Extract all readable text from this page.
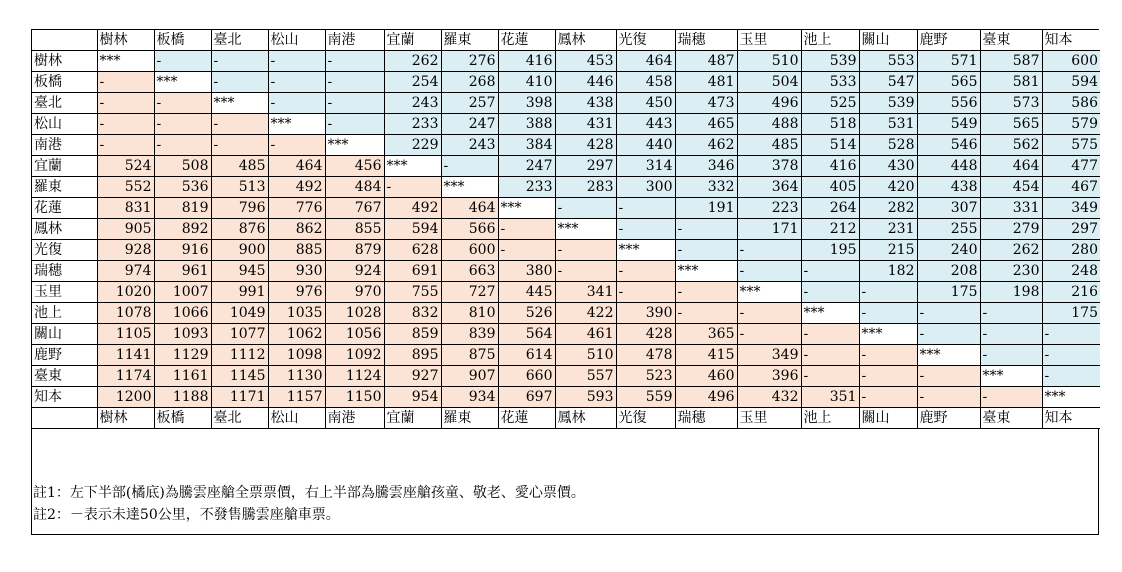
	樹林	板橋	臺北	松山	南港	宜蘭	羅東	花蓮	鳳林	光復	瑞穗	玉里	池上	關山	鹿野	臺東	知本
樹林	***	-	-	-	-	262	276	416	453	464	487	510	539	553	571	587	600
板橋	-	***	-	-	-	254	268	410	446	458	481	504	533	547	565	581	594
臺北	-	-	***	-	-	243	257	398	438	450	473	496	525	539	556	573	586
松山	-	-	-	***	-	233	247	388	431	443	465	488	518	531	549	565	579
南港	-	-	-	-	***	229	243	384	428	440	462	485	514	528	546	562	575
宜蘭	524	508	485	464	456	***	-	247	297	314	346	378	416	430	448	464	477
羅東	552	536	513	492	484	-	***	233	283	300	332	364	405	420	438	454	467
花蓮	831	819	796	776	767	492	464	***	-	-	191	223	264	282	307	331	349
鳳林	905	892	876	862	855	594	566	-	***	-	-	171	212	231	255	279	297
光復	928	916	900	885	879	628	600	-	-	***	-	-	195	215	240	262	280
瑞穗	974	961	945	930	924	691	663	380	-	-	***	-	-	182	208	230	248
玉里	1020	1007	991	976	970	755	727	445	341	-	-	***	-	-	175	198	216
池上	1078	1066	1049	1035	1028	832	810	526	422	390	-	-	***	-	-	-	175
關山	1105	1093	1077	1062	1056	859	839	564	461	428	365	-	-	***	-	-	-
鹿野	1141	1129	1112	1098	1092	895	875	614	510	478	415	349	-	-	***	-	-
臺東	1174	1161	1145	1130	1124	927	907	660	557	523	460	396	-	-	-	***	-
知本	1200	1188	1171	1157	1150	954	934	697	593	559	496	432	351	-	-	-	***
	樹林	板橋	臺北	松山	南港	宜蘭	羅東	花蓮	鳳林	光復	瑞穗	玉里	池上	關山	鹿野	臺東	知本

註1：左下半部(橘底)為騰雲座艙全票票價，右上半部為騰雲座艙孩童、敬老、愛心票價。
註2：－表示未達50公里，不發售騰雲座艙車票。
